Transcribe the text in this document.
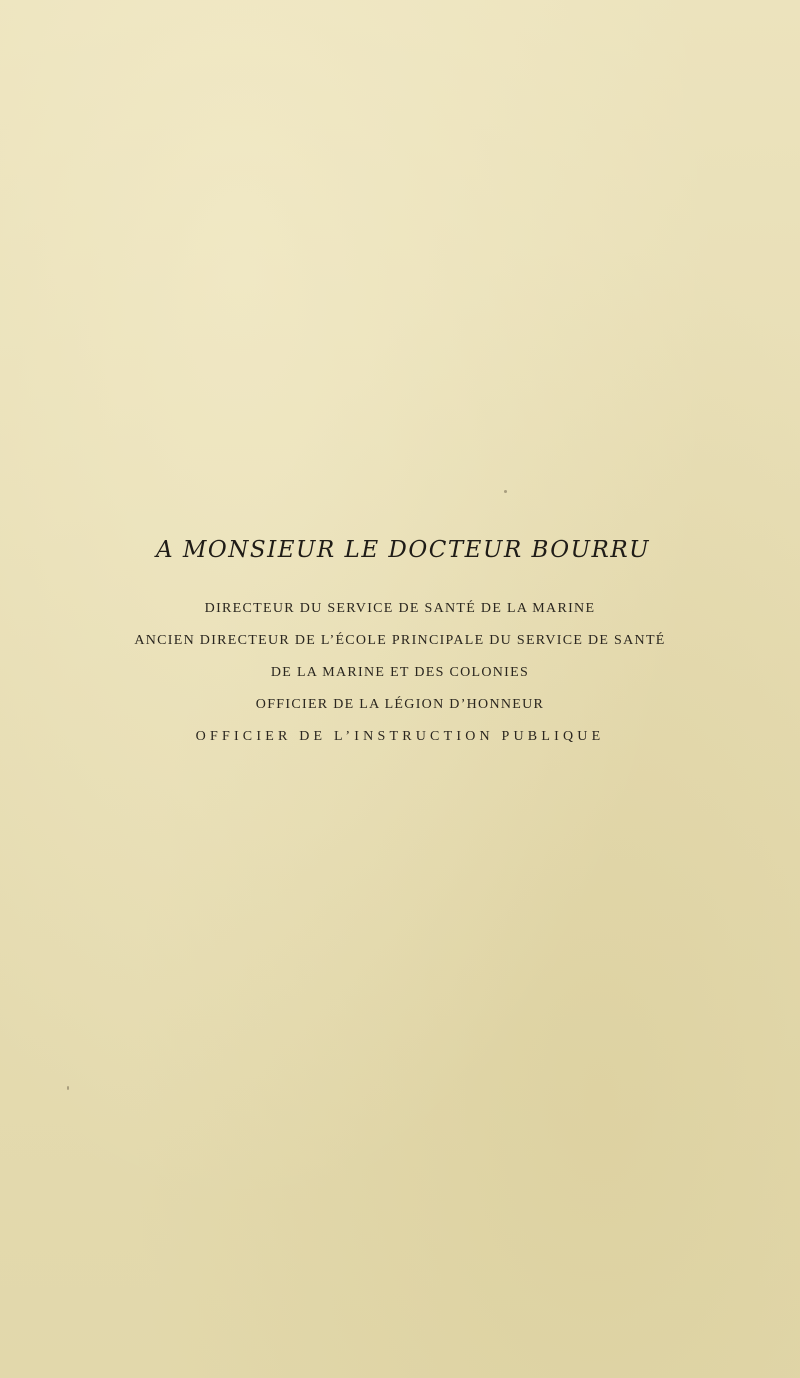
A MONSIEUR LE DOCTEUR BOURRU

DIRECTEUR DU SERVICE DE SANTÉ DE LA MARINE

ANCIEN DIRECTEUR DE L’ÉCOLE PRINCIPALE DU SERVICE DE SANTÉ

DE LA MARINE ET DES COLONIES

OFFICIER DE LA LÉGION D’HONNEUR

OFFICIER DE L’INSTRUCTION PUBLIQUE
